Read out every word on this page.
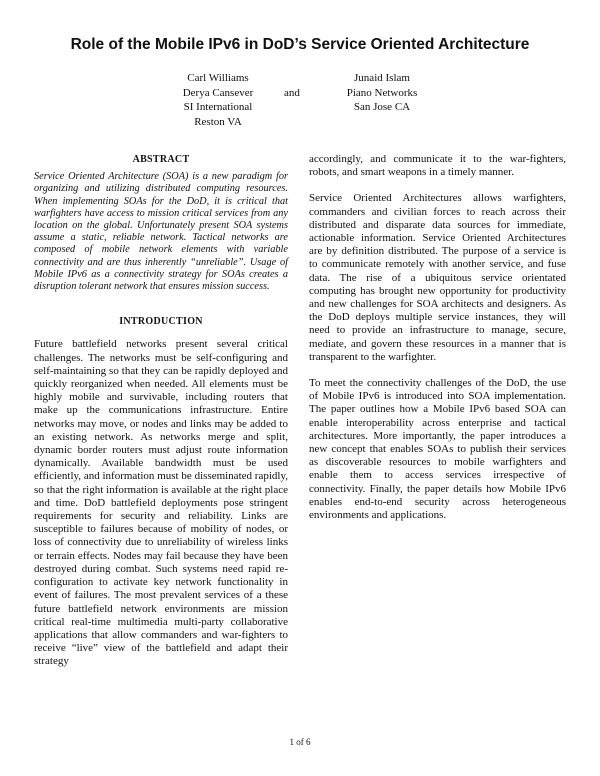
Role of the Mobile IPv6 in DoD’s Service Oriented Architecture
Carl Williams
Derya Cansever
SI International
Reston VA
and
Junaid Islam
Piano Networks
San Jose CA
ABSTRACT

Service Oriented Architecture (SOA) is a new paradigm for organizing and utilizing distributed computing resources. When implementing SOAs for the DoD, it is critical that warfighters have access to mission critical services from any location on the global. Unfortunately present SOA systems assume a static, reliable network. Tactical networks are composed of mobile network elements with variable connectivity and are thus inherently “unreliable”. Usage of Mobile IPv6 as a connectivity strategy for SOAs creates a disruption tolerant network that ensures mission success.

INTRODUCTION

Future battlefield networks present several critical challenges. The networks must be self-configuring and self-maintaining so that they can be rapidly deployed and quickly reorganized when needed. All elements must be highly mobile and survivable, including routers that make up the communications infrastructure. Entire networks may move, or nodes and links may be added to an existing network. As networks merge and split, dynamic border routers must adjust route information dynamically. Available bandwidth must be used efficiently, and information must be disseminated rapidly, so that the right information is available at the right place and time. DoD battlefield deployments pose stringent requirements for security and reliability. Links are susceptible to failures because of mobility of nodes, or loss of connectivity due to unreliability of wireless links or terrain effects. Nodes may fail because they have been destroyed during combat. Such systems need rapid re-configuration to activate key network functionality in event of failures. The most prevalent services of a these future battlefield network environments are mission critical real-time multimedia multi-party collaborative applications that allow commanders and war-fighters to receive “live” view of the battlefield and adapt their strategy

accordingly, and communicate it to the war-fighters, robots, and smart weapons in a timely manner.

Service Oriented Architectures allows warfighters, commanders and civilian forces to reach across their distributed and disparate data sources for immediate, actionable information. Service Oriented Architectures are by definition distributed. The purpose of a service is to communicate remotely with another service, and fuse data. The rise of a ubiquitous service orientated computing has brought new opportunity for productivity and new challenges for SOA architects and designers. As the DoD deploys multiple service instances, they will need to provide an infrastructure to manage, secure, mediate, and govern these resources in a manner that is transparent to the warfighter.

To meet the connectivity challenges of the DoD, the use of Mobile IPv6 is introduced into SOA implementation. The paper outlines how a Mobile IPv6 based SOA can enable interoperability across enterprise and tactical architectures. More importantly, the paper introduces a new concept that enables SOAs to publish their services as discoverable resources to mobile warfighters and enable them to access services irrespective of connectivity. Finally, the paper details how Mobile IPv6 enables end-to-end security across heterogeneous environments and applications.

1 of 6
